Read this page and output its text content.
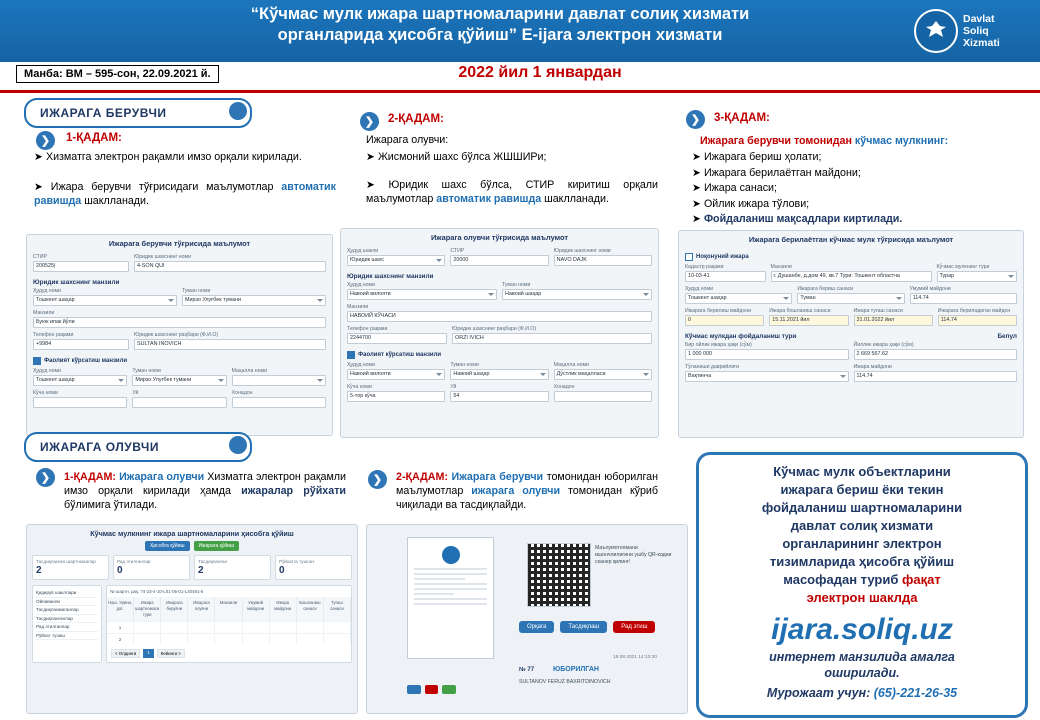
“Кўчмас мулк ижара шартномаларини давлат солиқ хизмати
органларида ҳисобга қўйиш” E-ijara электрон хизмати
Davlat
Soliq
Xizmati
Манба: ВМ – 595-сон, 22.09.2021 й.	2022 йил 1 январдан
ИЖАРАГА БЕРУВЧИ
❯	1-ҚАДАМ:
➤ Хизматга электрон рақамли имзо орқали кирилади.
➤ Ижара берувчи тўғрисидаги маълумотлар автоматик равишда шаклланади.
❯	2-ҚАДАМ:
Ижарага олувчи:
➤ Жисмоний шахс бўлса ЖШШИРи;
➤ Юридик шахс бўлса, СТИР киритиш орқали маълумотлар автоматик равишда шаклланади.
❯	3-ҚАДАМ:
Ижарага берувчи томонидан кўчмас мулкнинг:
➤ Ижарага бериш ҳолати;
➤ Ижарага берилаётган майдони;
➤ Ижара санаси;
➤ Ойлик ижара тўлови;
➤ Фойдаланиш мақсадлари киртилади.
Ижарага берувчи тўғрисида маълумот
СТИР
200525|
Юридик шахснинг номи
4-SON QUI
Юридик шахснинг манзили
Ҳудуд номи
Тошкент шаҳар
Туман номи
Мирзо Улуғбек тумани
Манзили
Буюк ипак йўли
Телефон рақами
+9984
Юридик шахснинг раҳбари (Ф.И.О)
SULTAN INOVICH
Фаолият кўрсатиш манзили
Ҳудуд номи
Тошкент шаҳар
Туман номи
Мирзо Улуғбек тумани
Маҳалла номи
Кўча номи	Уй	Хонадон
Ижарага олувчи тўғрисида маълумот
Ҳудуд шакли
Юридик шахс
СТИР
20000
Юридик шахснинг номи
NAVO DAJK
Юридик шахснинг манзили
Ҳудуд номи
Навоий вилояти
Туман номи
Навоий шаҳар
Манзили
НАВОИЙ КЎЧАСИ
Телефон рақами
2244700
Юридик шахснинг раҳбари (Ф.И.О)
ORZI IVICH
Фаолият кўрсатиш манзили
Ҳудуд номи
Навоий вилояти
Туман номи
Навоий шаҳар
Маҳалла номи
Дўстлик маҳалласи
Кўча номи
5-тор кўча
Уй
54
Хонадон
Ижарага берилаётган кўчмас мулк тўғрисида маълумот
Ноқонуний ижара
Кадастр рақами
10-03-41
Манзили
г. Душанбе, д.дом 49, кв.7 Тури: Тошкент областча
Кўчмас мулкнинг тури
Турар
Ҳудуд номи
Тошкент шаҳар
Ижарага бериш санаси
Туман
Умумий майдони
114.74
Ижарага берилиш майдони
0
Ижара бошланиш санаси
15.11.2021 йил
Ижара тугаш санаси
31.01.2022 йил
Ижарага бериладиган майдон
114.74
Кўчмас мулкдан фойдаланиш тури	Бепул
Бир ойлик ижара ҳақи (сўм)
1 000 000
Йиллик ижара ҳақи (сўм)
2 669 567.62
Тўланиши даврийлиги
Вақтинча
Ижара майдони
114.74
ИЖАРАГА ОЛУВЧИ
❯	1-ҚАДАМ: Ижарага олувчи Хизматга электрон рақамли имзо орқали кирилади ҳамда ижаралар рўйхати бўлимига ўтилади.
❯	2-ҚАДАМ: Ижарага берувчи томонидан юборилган маълумотлар ижарага олувчи томонидан кўриб чиқилади ва тасдиқлайди.
Кўчмас мулкнинг ижара шартномаларини ҳисобга қўйиш
Ҳисобга қўйиш	Ижарага қўйиш
Тасдиқланган шартномалар
2
Рад этилганлар
0
Тасдиқланган
2
Рўйхатга тушган
0
Қидирув шакллари
Ойнаванли
Тасдиқланмаганлар
Тасдиқланганлар
Рад этилганлар
Рўйхат тузиш
№ шартн. рақ. 74-23-4-10-L01-05-01-L40491-6
Наш. Урина, дог.
Ижара шартномаси тури
Ижарага берувчи
Ижарага олувчи
Манзили	Умумий майдони
Ижара майдони
Бошланиш санаси
Тугаш санаси
1
2
< Олдинги	1	Кейинги >
Маълумотномани ишончлилигини ушбу QR-кодни сканер қилинг!
Орқага	Тасдиқлаш	Рад этиш
№ 77	ЮБОРИЛГАН
SULTANOV FERUZ BAXRITDINOVICH
18.08.2021 14:13:30

Кўчмас мулк объектларини
ижарага бериш ёки текин
фойдаланиш шартномаларини
давлат солиқ хизмати
органларининг электрон
тизимларида ҳисобга қўйиш
масофадан туриб фақат
электрон шаклда
ijara.soliq.uz
интернет манзилида амалга
оширилади.
Мурожаат учун: (65)-221-26-35
